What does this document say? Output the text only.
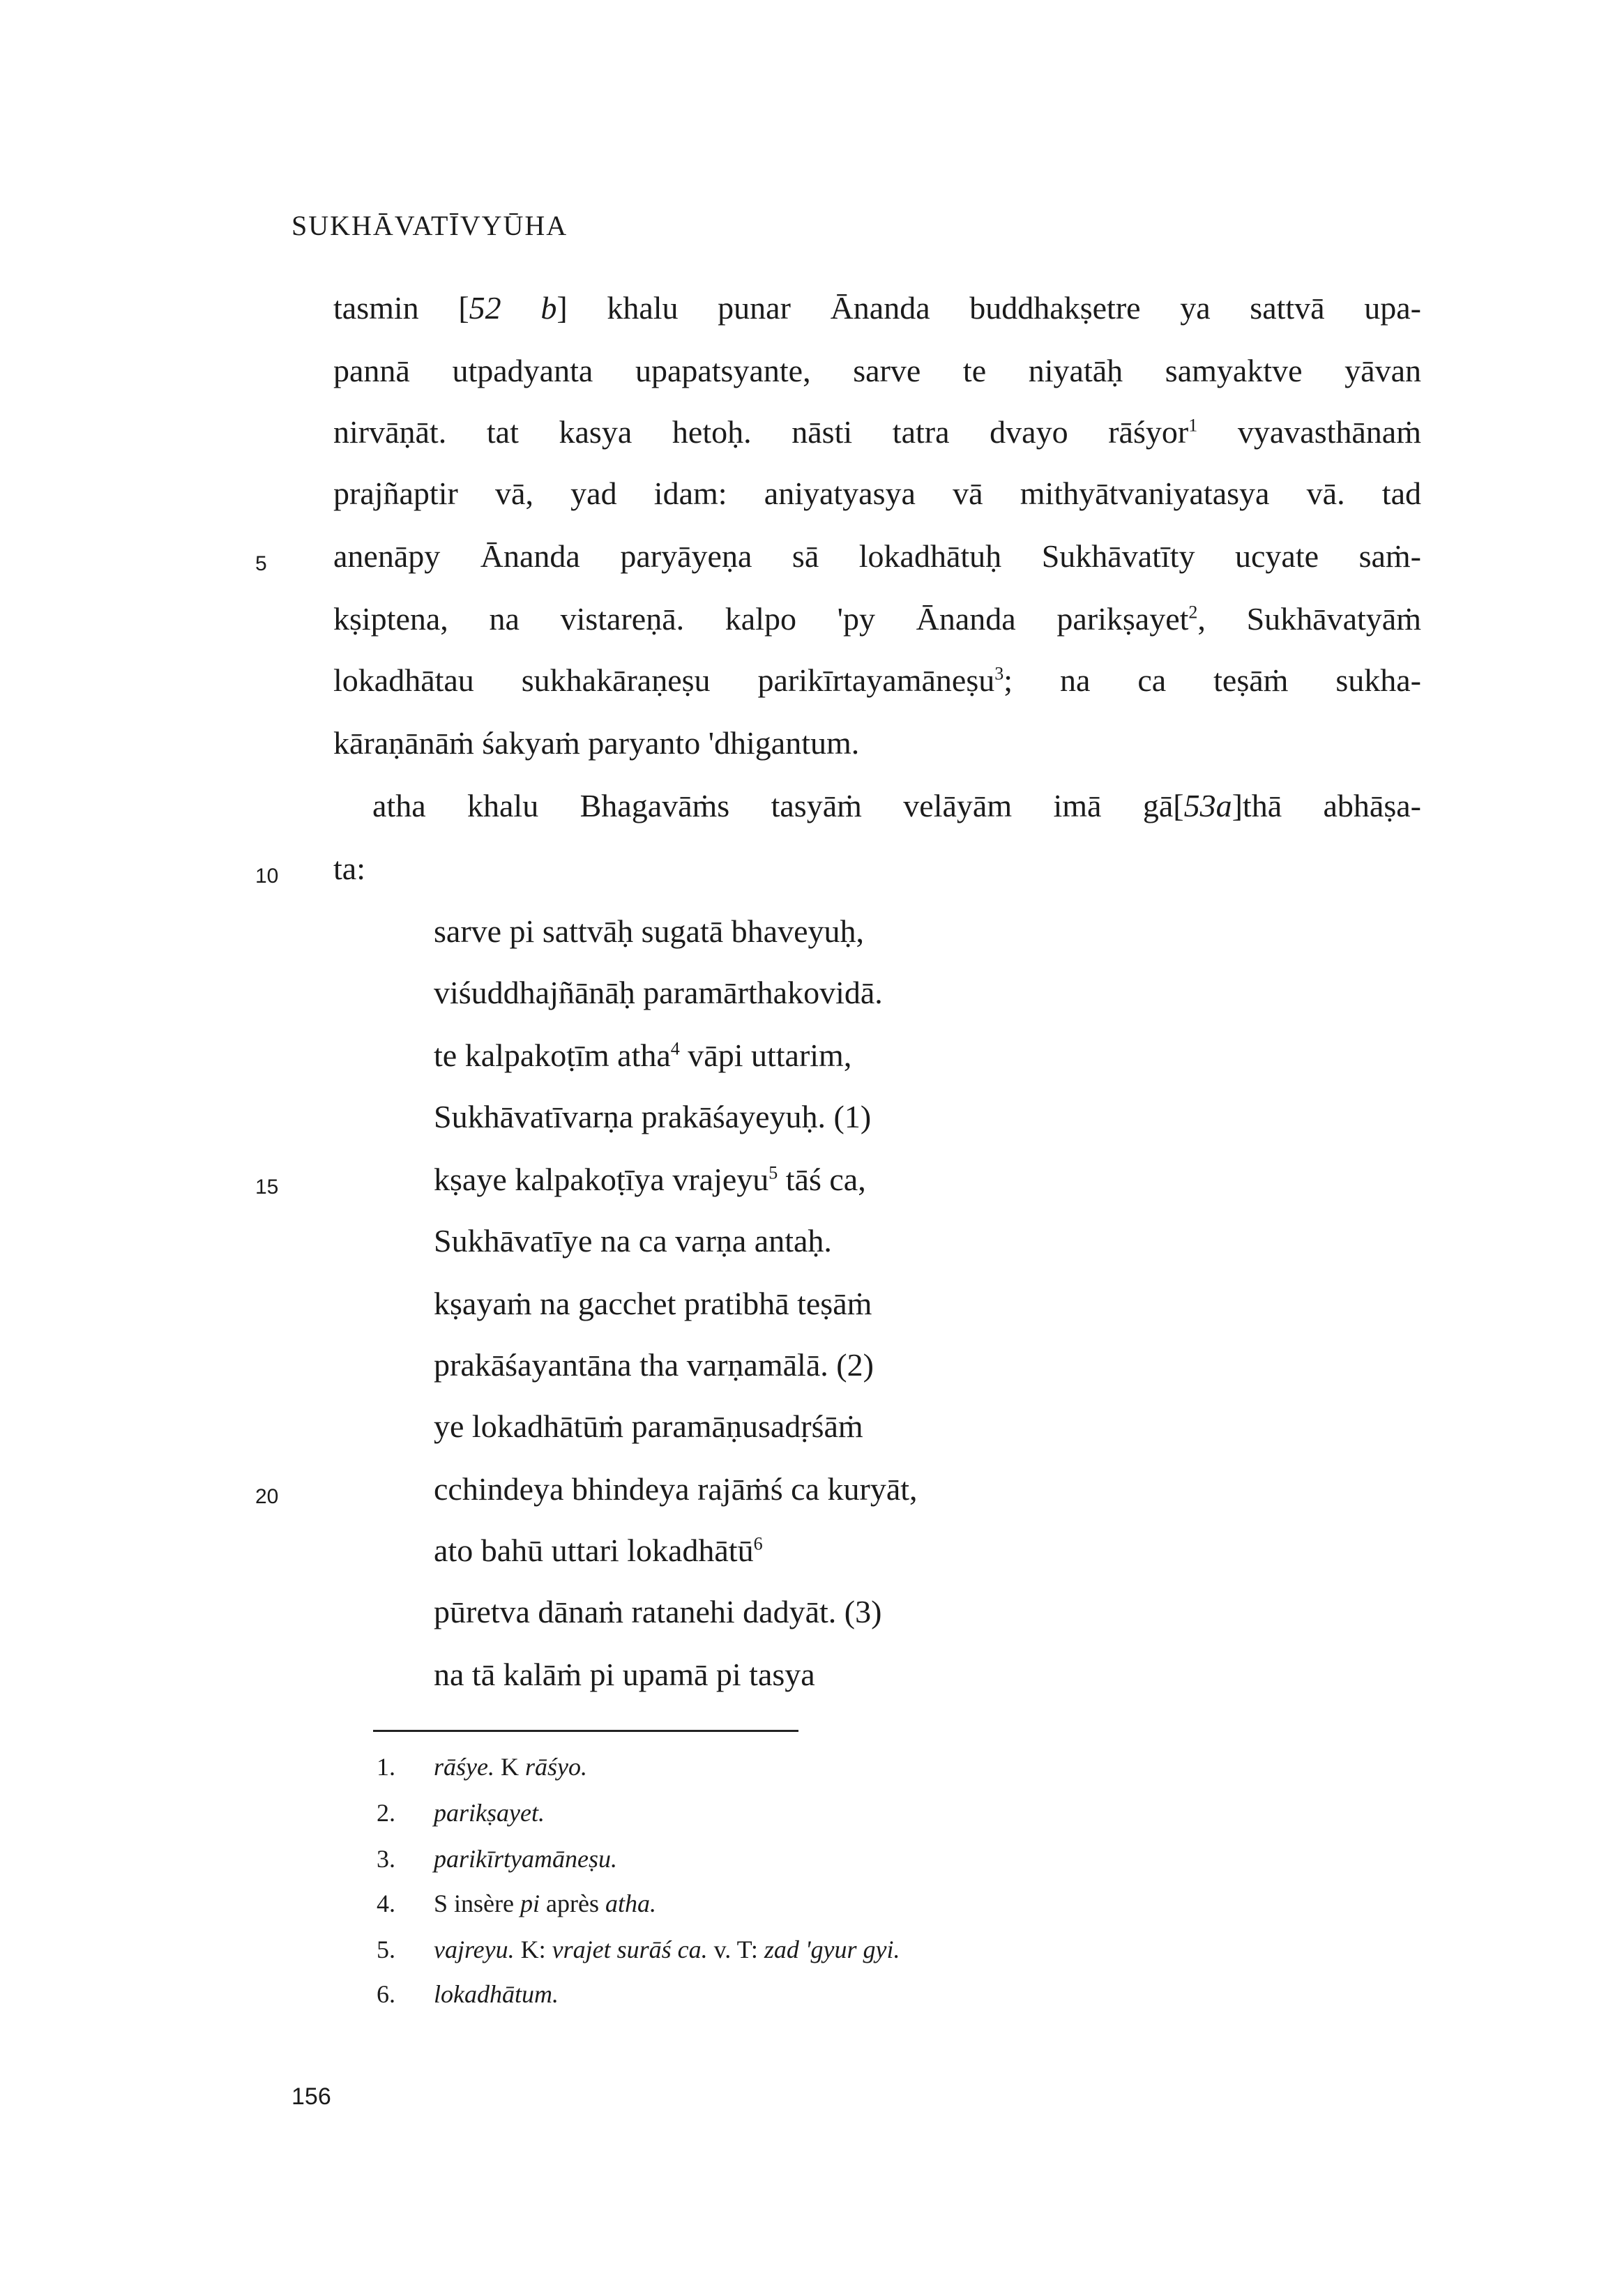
SUKHĀVATĪVYŪHA
tasmin [52 b] khalu punar Ānanda buddhakṣetre ya sattvā upa-
pannā utpadyanta upapatsyante, sarve te niyatāḥ samyaktve yāvan
nirvāṇāt. tat kasya hetoḥ. nāsti tatra dvayo rāśyor$^1$ vyavasthānaṁ
prajñaptir vā, yad idam: aniyatyasya vā mithyātvaniyatasya vā. tad
anenāpy Ānanda paryāyeṇa sā lokadhātuḥ Sukhāvatīty ucyate saṁ-
kṣiptena, na vistareṇā. kalpo 'py Ānanda parikṣayet$^2$, Sukhāvatyāṁ
lokadhātau sukhakāraṇeṣu parikīrtayamāneṣu$^3$; na ca teṣāṁ sukha-
kāraṇānāṁ śakyaṁ paryanto 'dhigantum.
atha khalu Bhagavāṁs tasyāṁ velāyām imā gā[53a]thā abhāṣa-
ta:
sarve pi sattvāḥ sugatā bhaveyuḥ,
viśuddhajñānāḥ paramārthakovidā.
te kalpakoṭīm atha$^4$ vāpi uttarim,
Sukhāvatīvarṇa prakāśayeyuḥ. (1)
kṣaye kalpakoṭīya vrajeyu$^5$ tāś ca,
Sukhāvatīye na ca varṇa antaḥ.
kṣayaṁ na gacchet pratibhā teṣāṁ
prakāśayantāna tha varṇamālā. (2)
ye lokadhātūṁ paramāṇusadṛśāṁ
cchindeya bhindeya rajāṁś ca kuryāt,
ato bahū uttari lokadhātū$^6$
pūretva dānaṁ ratanehi dadyāt. (3)
na tā kalāṁ pi upamā pi tasya
5
10
15
20
1. rāśye. K rāśyo.
2. parikṣayet.
3. parikīrtyamāneṣu.
4. S insère pi après atha.
5. vajreyu. K: vrajet surāś ca. v. T: zad 'gyur gyi.
6. lokadhātum.
156
